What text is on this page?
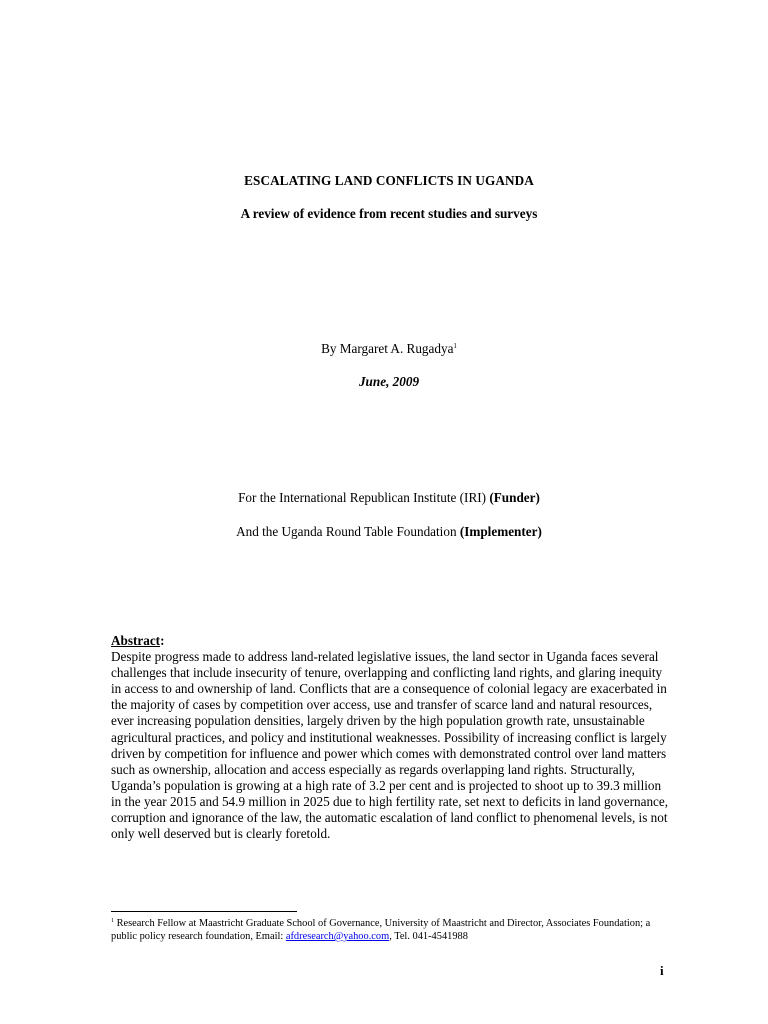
ESCALATING LAND CONFLICTS IN UGANDA
A review of evidence from recent studies and surveys
By Margaret A. Rugadya$^1$
June, 2009
For the International Republican Institute (IRI) (Funder)
And the Uganda Round Table Foundation (Implementer)
Abstract:

Despite progress made to address land-related legislative issues, the land sector in Uganda faces several challenges that include insecurity of tenure, overlapping and conflicting land rights, and glaring inequity in access to and ownership of land. Conflicts that are a consequence of colonial legacy are exacerbated in the majority of cases by competition over access, use and transfer of scarce land and natural resources, ever increasing population densities, largely driven by the high population growth rate, unsustainable agricultural practices, and policy and institutional weaknesses. Possibility of increasing conflict is largely driven by competition for influence and power which comes with demonstrated control over land matters such as ownership, allocation and access especially as regards overlapping land rights. Structurally, Uganda’s population is growing at a high rate of 3.2 per cent and is projected to shoot up to 39.3 million in the year 2015 and 54.9 million in 2025 due to high fertility rate, set next to deficits in land governance, corruption and ignorance of the law, the automatic escalation of land conflict to phenomenal levels, is not only well deserved but is clearly foretold.

$^1$ Research Fellow at Maastricht Graduate School of Governance, University of Maastricht and Director, Associates Foundation; a public policy research foundation, Email: afdresearch@yahoo.com, Tel. 041-4541988
i
